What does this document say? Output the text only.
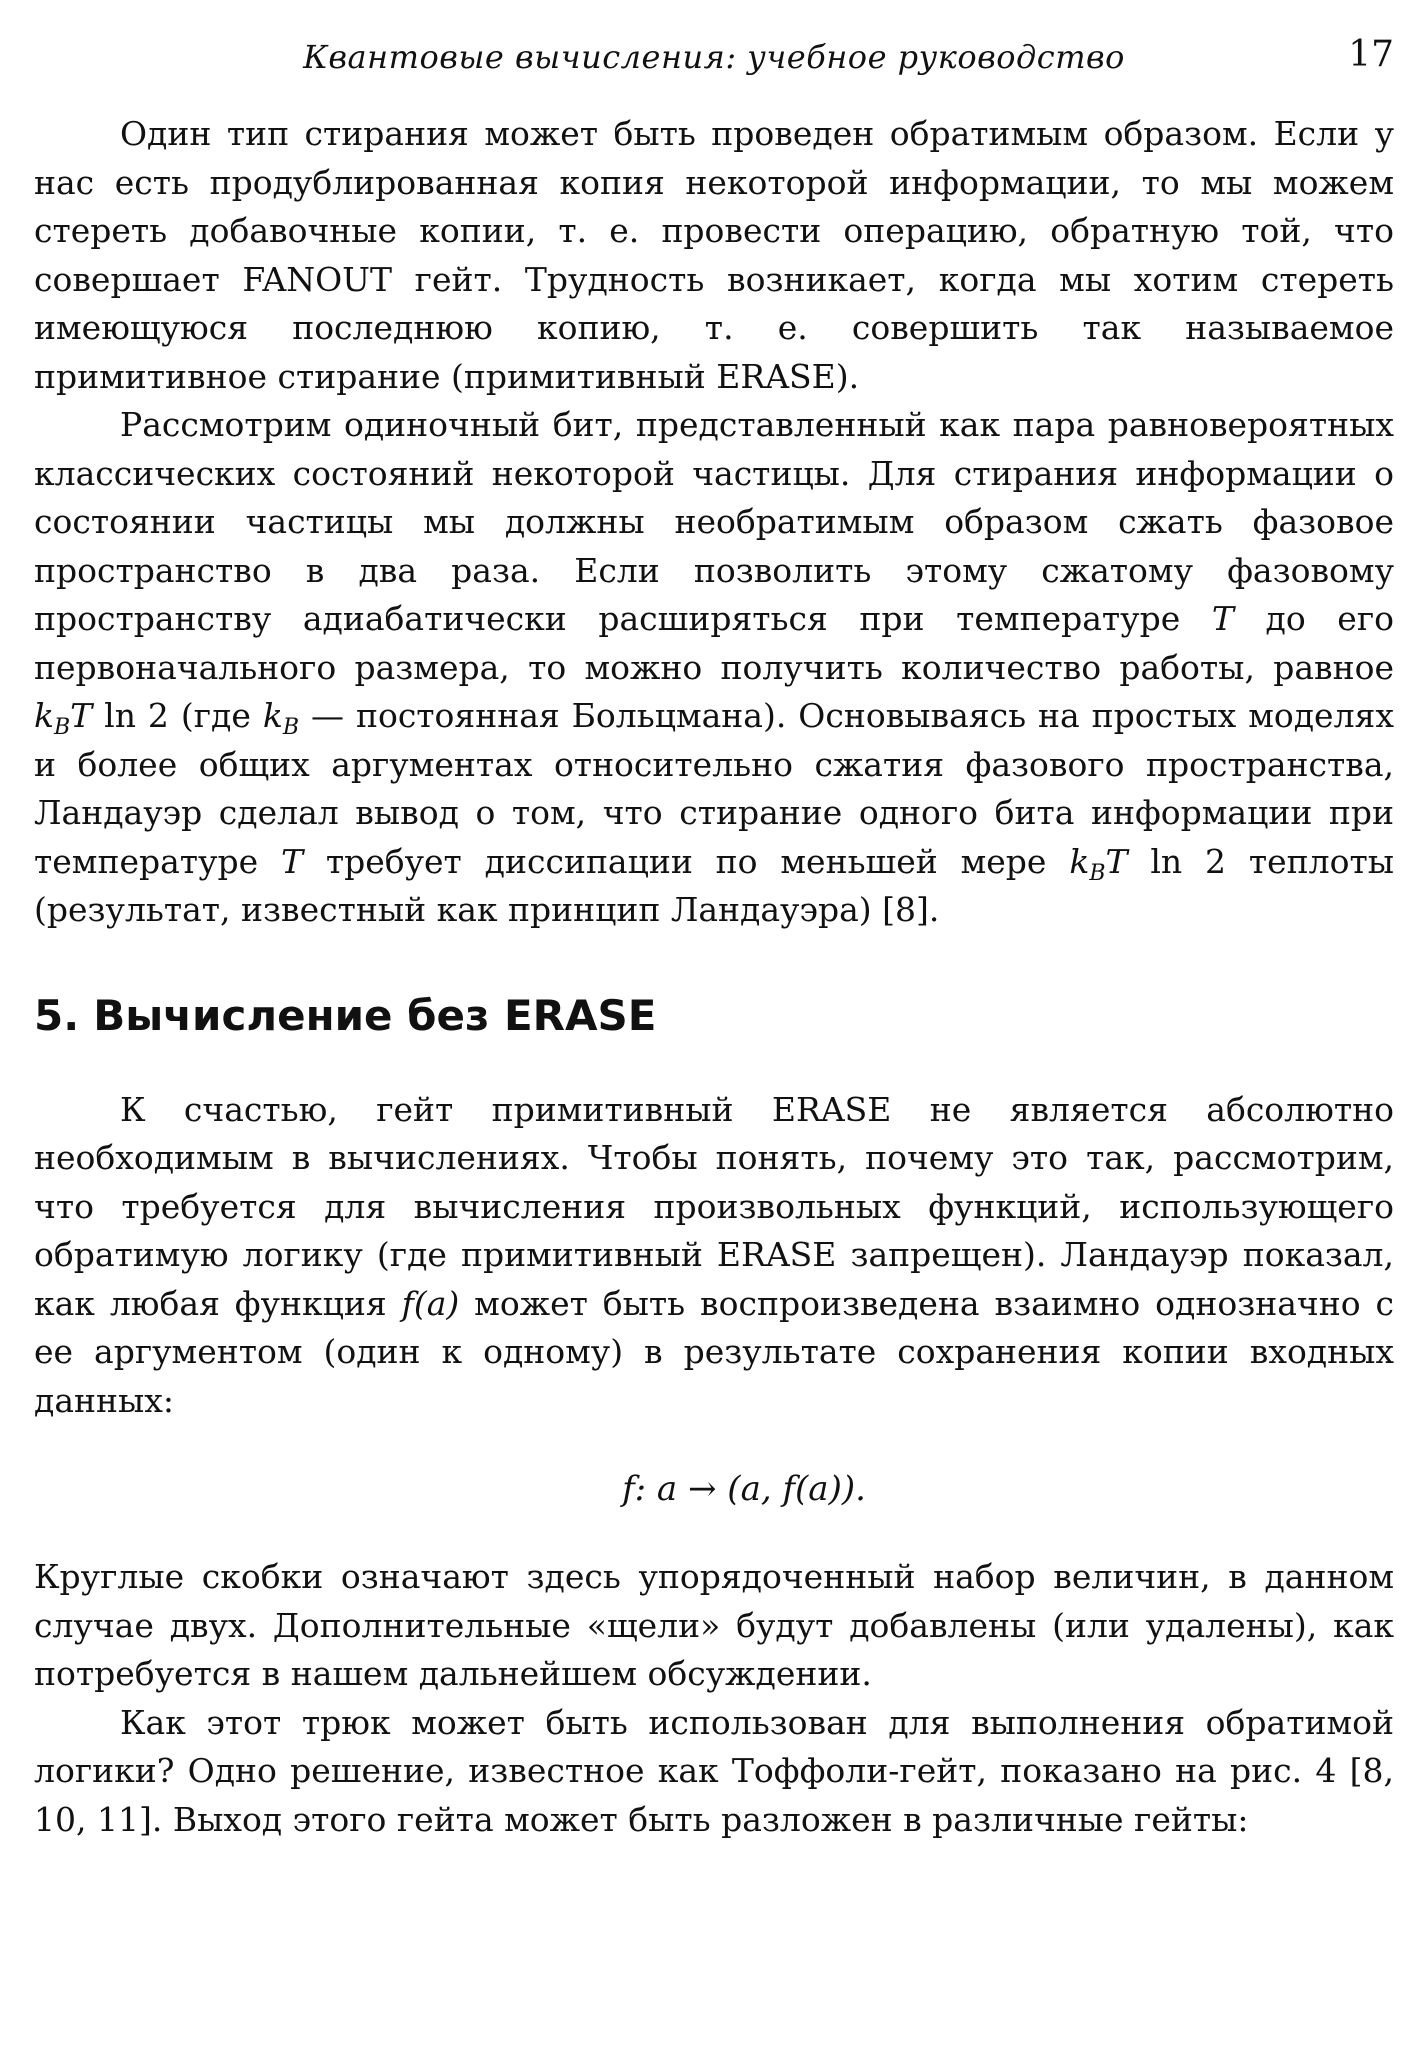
Квантовые вычисления: учебное руководство	17

Один тип стирания может быть проведен обратимым образом. Если у нас есть продублированная копия некоторой информации, то мы можем стереть добавочные копии, т. е. провести операцию, обратную той, что совершает FANOUT гейт. Трудность возникает, когда мы хотим стереть имеющуюся последнюю копию, т. е. совершить так называемое примитивное стирание (примитивный ERASE).

Рассмотрим одиночный бит, представленный как пара равновероятных классических состояний некоторой частицы. Для стирания информации о состоянии частицы мы должны необратимым образом сжать фазовое пространство в два раза. Если позволить этому сжатому фазовому пространству адиабатически расширяться при температуре T до его первоначального размера, то можно получить количество работы, равное $k_BT$ ln 2 (где $k_B$ — постоянная Больцмана). Основываясь на простых моделях и более общих аргументах относительно сжатия фазового пространства, Ландауэр сделал вывод о том, что стирание одного бита информации при температуре T требует диссипации по меньшей мере $k_BT$ ln 2 теплоты (результат, известный как принцип Ландауэра) [8].

5. Вычисление без ERASE

К счастью, гейт примитивный ERASE не является абсолютно необходимым в вычислениях. Чтобы понять, почему это так, рассмотрим, что требуется для вычисления произвольных функций, использующего обратимую логику (где примитивный ERASE запрещен). Ландауэр показал, как любая функция f(a) может быть воспроизведена взаимно однозначно с ее аргументом (один к одному) в результате сохранения копии входных данных:

f: a → (a, f(a)).

Круглые скобки означают здесь упорядоченный набор величин, в данном случае двух. Дополнительные «щели» будут добавлены (или удалены), как потребуется в нашем дальнейшем обсуждении.

Как этот трюк может быть использован для выполнения обратимой логики? Одно решение, известное как Тоффоли-гейт, показано на рис. 4 [8, 10, 11]. Выход этого гейта может быть разложен в различные гейты:
